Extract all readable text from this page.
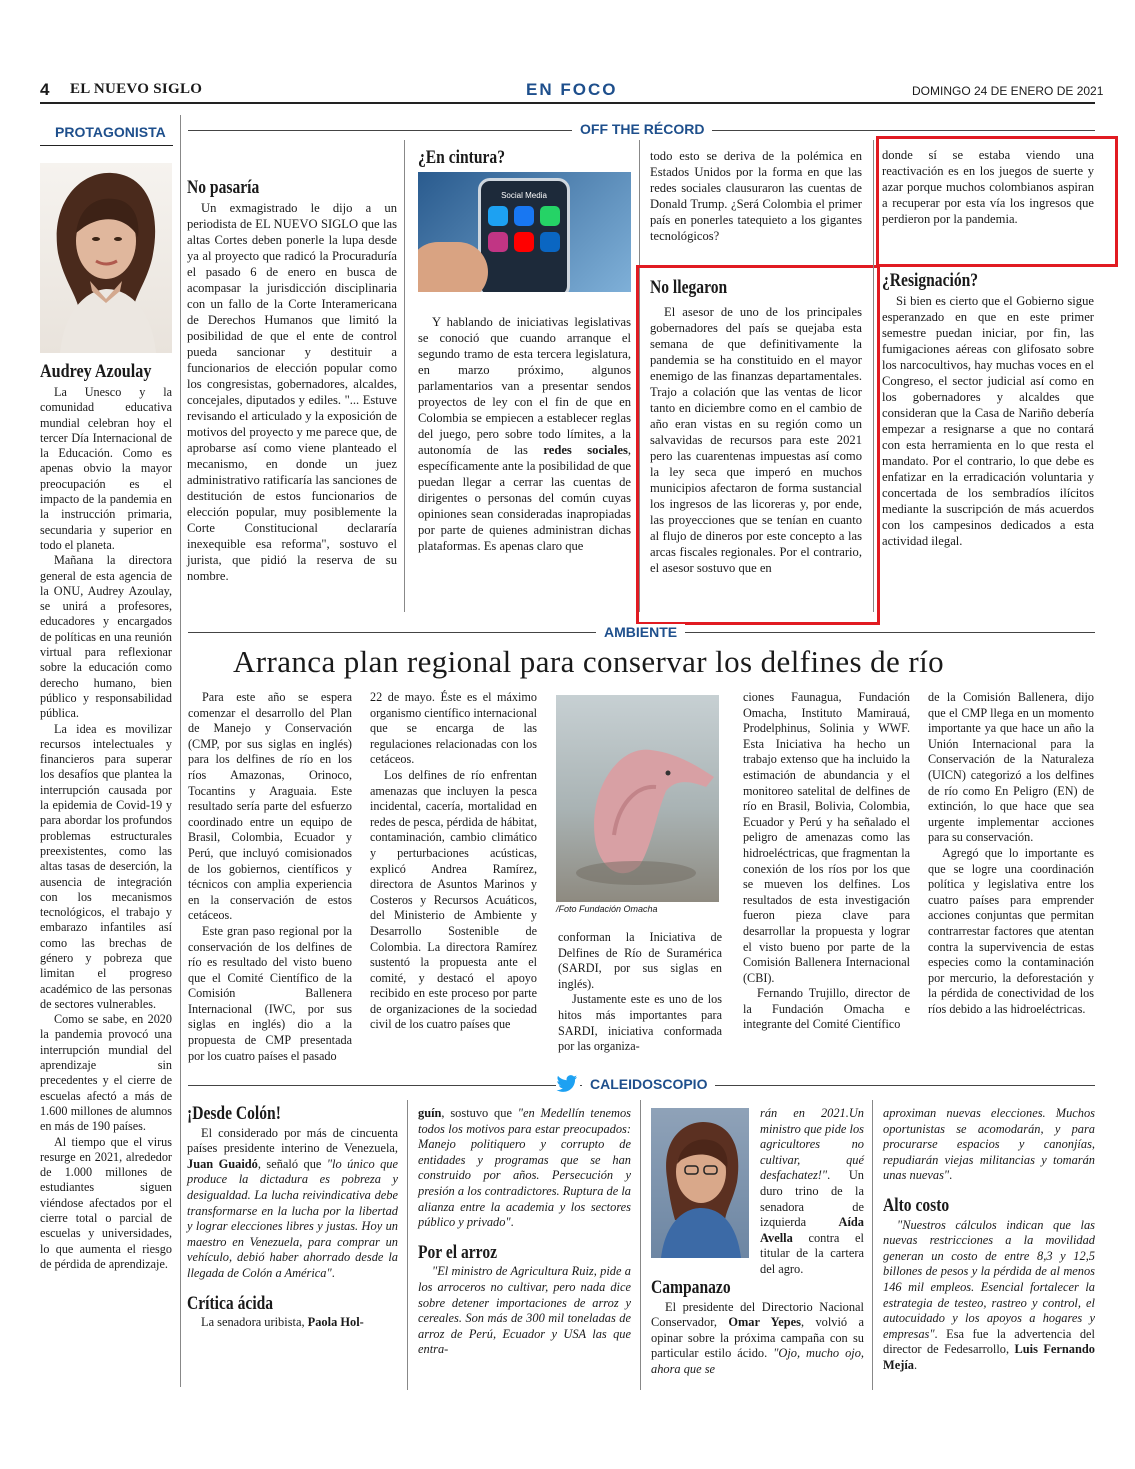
4 EL NUEVO SIGLO	EN FOCO	DOMINGO 24 DE ENERO DE 2021
PROTAGONISTA
Audrey Azoulay

La Unesco y la comunidad educativa mundial celebran hoy el tercer Día Internacional de la Educación. Como es apenas obvio la mayor preocupación es el impacto de la pandemia en la instrucción primaria, secundaria y superior en todo el planeta.

Mañana la directora general de esta agencia de la ONU, Audrey Azoulay, se unirá a profesores, educadores y encargados de políticas en una reunión virtual para reflexionar sobre la educación como derecho humano, bien público y responsabilidad pública.

La idea es movilizar recursos intelectuales y financieros para superar los desafíos que plantea la interrupción causada por la epidemia de Covid-19 y para abordar los profundos problemas estructurales preexistentes, como las altas tasas de deserción, la ausencia de integración con los mecanismos tecnológicos, el trabajo y embarazo infantiles así como las brechas de género y pobreza que limitan el progreso académico de las personas de sectores vulnerables.

Como se sabe, en 2020 la pandemia provocó una interrupción mundial del aprendizaje sin precedentes y el cierre de escuelas afectó a más de 1.600 millones de alumnos en más de 190 países.

Al tiempo que el virus resurge en 2021, alrededor de 1.000 millones de estudiantes siguen viéndose afectados por el cierre total o parcial de escuelas y universidades, lo que aumenta el riesgo de pérdida de aprendizaje.

OFF THE RÉCORD
No pasaría

Un exmagistrado le dijo a un periodista de EL NUEVO SIGLO que las altas Cortes deben ponerle la lupa desde ya al proyecto que radicó la Procuraduría el pasado 6 de enero en busca de acompasar la jurisdicción disciplinaria con un fallo de la Corte Interamericana de Derechos Humanos que limitó la posibilidad de que el ente de control pueda sancionar y destituir a funcionarios de elección popular como los congresistas, gobernadores, alcaldes, concejales, diputados y ediles. "... Estuve revisando el articulado y la exposición de motivos del proyecto y me parece que, de aprobarse así como viene planteado el mecanismo, en donde un juez administrativo ratificaría las sanciones de destitución de estos funcionarios de elección popular, muy posiblemente la Corte Constitucional declararía inexequible esa reforma", sostuvo el jurista, que pidió la reserva de su nombre.

¿En cintura?
Social Media

Y hablando de iniciativas legislativas se conoció que cuando arranque el segundo tramo de esta tercera legislatura, en marzo próximo, algunos parlamentarios van a presentar sendos proyectos de ley con el fin de que en Colombia se empiecen a establecer reglas del juego, pero sobre todo límites, a la autonomía de las redes sociales, específicamente ante la posibilidad de que puedan llegar a cerrar las cuentas de dirigentes o personas del común cuyas opiniones sean consideradas inapropiadas por parte de quienes administran dichas plataformas. Es apenas claro que

todo esto se deriva de la polémica en Estados Unidos por la forma en que las redes sociales clausuraron las cuentas de Donald Trump. ¿Será Colombia el primer país en ponerles tatequieto a los gigantes tecnológicos?

No llegaron

El asesor de uno de los principales gobernadores del país se quejaba esta semana de que definitivamente la pandemia se ha constituido en el mayor enemigo de las finanzas departamentales. Trajo a colación que las ventas de licor tanto en diciembre como en el cambio de año eran vistas en su región como un salvavidas de recursos para este 2021 pero las cuarentenas impuestas así como la ley seca que imperó en muchos municipios afectaron de forma sustancial los ingresos de las licoreras y, por ende, las proyecciones que se tenían en cuanto al flujo de dineros por este concepto a las arcas fiscales regionales. Por el contrario, el asesor sostuvo que en

donde sí se estaba viendo una reactivación es en los juegos de suerte y azar porque muchos colombianos aspiran a recuperar por esta vía los ingresos que perdieron por la pandemia.

¿Resignación?

Si bien es cierto que el Gobierno sigue esperanzado en que en este primer semestre puedan iniciar, por fin, las fumigaciones aéreas con glifosato sobre los narcocultivos, hay muchas voces en el Congreso, el sector judicial así como en los gobernadores y alcaldes que consideran que la Casa de Nariño debería empezar a resignarse a que no contará con esta herramienta en lo que resta el mandato. Por el contrario, lo que debe es enfatizar en la erradicación voluntaria y concertada de los sembradíos ilícitos mediante la suscripción de más acuerdos con los campesinos dedicados a esta actividad ilegal.

AMBIENTE
Arranca plan regional para conservar los delfines de río

Para este año se espera comenzar el desarrollo del Plan de Manejo y Conservación (CMP, por sus siglas en inglés) para los delfines de río en los ríos Amazonas, Orinoco, Tocantins y Araguaia. Este resultado sería parte del esfuerzo coordinado entre un equipo de Brasil, Colombia, Ecuador y Perú, que incluyó comisionados de los gobiernos, científicos y técnicos con amplia experiencia en la conservación de estos cetáceos.

Este gran paso regional por la conservación de los delfines de río es resultado del visto bueno que el Comité Científico de la Comisión Ballenera Internacional (IWC, por sus siglas en inglés) dio a la propuesta de CMP presentada por los cuatro países el pasado

22 de mayo. Éste es el máximo organismo científico internacional que se encarga de las regulaciones relacionadas con los cetáceos.

Los delfines de río enfrentan amenazas que incluyen la pesca incidental, cacería, mortalidad en redes de pesca, pérdida de hábitat, contaminación, cambio climático y perturbaciones acústicas, explicó Andrea Ramírez, directora de Asuntos Marinos y Costeros y Recursos Acuáticos, del Ministerio de Ambiente y Desarrollo Sostenible de Colombia. La directora Ramírez sustentó la propuesta ante el comité, y destacó el apoyo recibido en este proceso por parte de organizaciones de la sociedad civil de los cuatro países que

/Foto Fundación Omacha

conforman la Iniciativa de Delfines de Río de Suramérica (SARDI, por sus siglas en inglés).

Justamente este es uno de los hitos más importantes para SARDI, iniciativa conformada por las organiza-

ciones Faunagua, Fundación Omacha, Instituto Mamirauá, Prodelphinus, Solinia y WWF. Esta Iniciativa ha hecho un trabajo extenso que ha incluido la estimación de abundancia y el monitoreo satelital de delfines de río en Brasil, Bolivia, Colombia, Ecuador y Perú y ha señalado el peligro de amenazas como las hidroeléctricas, que fragmentan la conexión de los ríos por los que se mueven los delfines. Los resultados de esta investigación fueron pieza clave para desarrollar la propuesta y lograr el visto bueno por parte de la Comisión Ballenera Internacional (CBI).

Fernando Trujillo, director de la Fundación Omacha e integrante del Comité Científico

de la Comisión Ballenera, dijo que el CMP llega en un momento importante ya que hace un año la Unión Internacional para la Conservación de la Naturaleza (UICN) categorizó a los delfines de río como En Peligro (EN) de extinción, lo que hace que sea urgente implementar acciones para su conservación.

Agregó que lo importante es que se logre una coordinación política y legislativa entre los cuatro países para emprender acciones conjuntas que permitan contrarrestar factores que atentan contra la supervivencia de estas especies como la contaminación por mercurio, la deforestación y la pérdida de conectividad de los ríos debido a las hidroeléctricas.

CALEIDOSCOPIO
¡Desde Colón!

El considerado por más de cincuenta países presidente interino de Venezuela, Juan Guaidó, señaló que "lo único que produce la dictadura es pobreza y desigualdad. La lucha reivindicativa debe transformarse en la lucha por la libertad y lograr elecciones libres y justas. Hoy un maestro en Venezuela, para comprar un vehículo, debió haber ahorrado desde la llegada de Colón a América".

Crítica ácida

La senadora uribista, Paola Hol-

guín, sostuvo que "en Medellín tenemos todos los motivos para estar preocupados: Manejo politiquero y corrupto de entidades y programas que se han construido por años. Persecución y presión a los contradictores. Ruptura de la alianza entre la academia y los sectores público y privado".

Por el arroz

"El ministro de Agricultura Ruiz, pide a los arroceros no cultivar, pero nada dice sobre detener importaciones de arroz y cereales. Son más de 300 mil toneladas de arroz de Perú, Ecuador y USA las que entra-

rán en 2021.Un ministro que pide los agricultores no cultivar, qué desfachatez!". Un duro trino de la senadora de izquierda Aída Avella contra el titular de la cartera del agro.

Campanazo

El presidente del Directorio Nacional Conservador, Omar Yepes, volvió a opinar sobre la próxima campaña con su particular estilo ácido. "Ojo, mucho ojo, ahora que se

aproximan nuevas elecciones. Muchos oportunistas se acomodarán, y para procurarse espacios y canonjías, repudiarán viejas militancias y tomarán unas nuevas".

Alto costo

"Nuestros cálculos indican que las nuevas restricciones a la movilidad generan un costo de entre 8,3 y 12,5 billones de pesos y la pérdida de al menos 146 mil empleos. Esencial fortalecer la estrategia de testeo, rastreo y control, el autocuidado y los apoyos a hogares y empresas". Esa fue la advertencia del director de Fedesarrollo, Luis Fernando Mejía.
